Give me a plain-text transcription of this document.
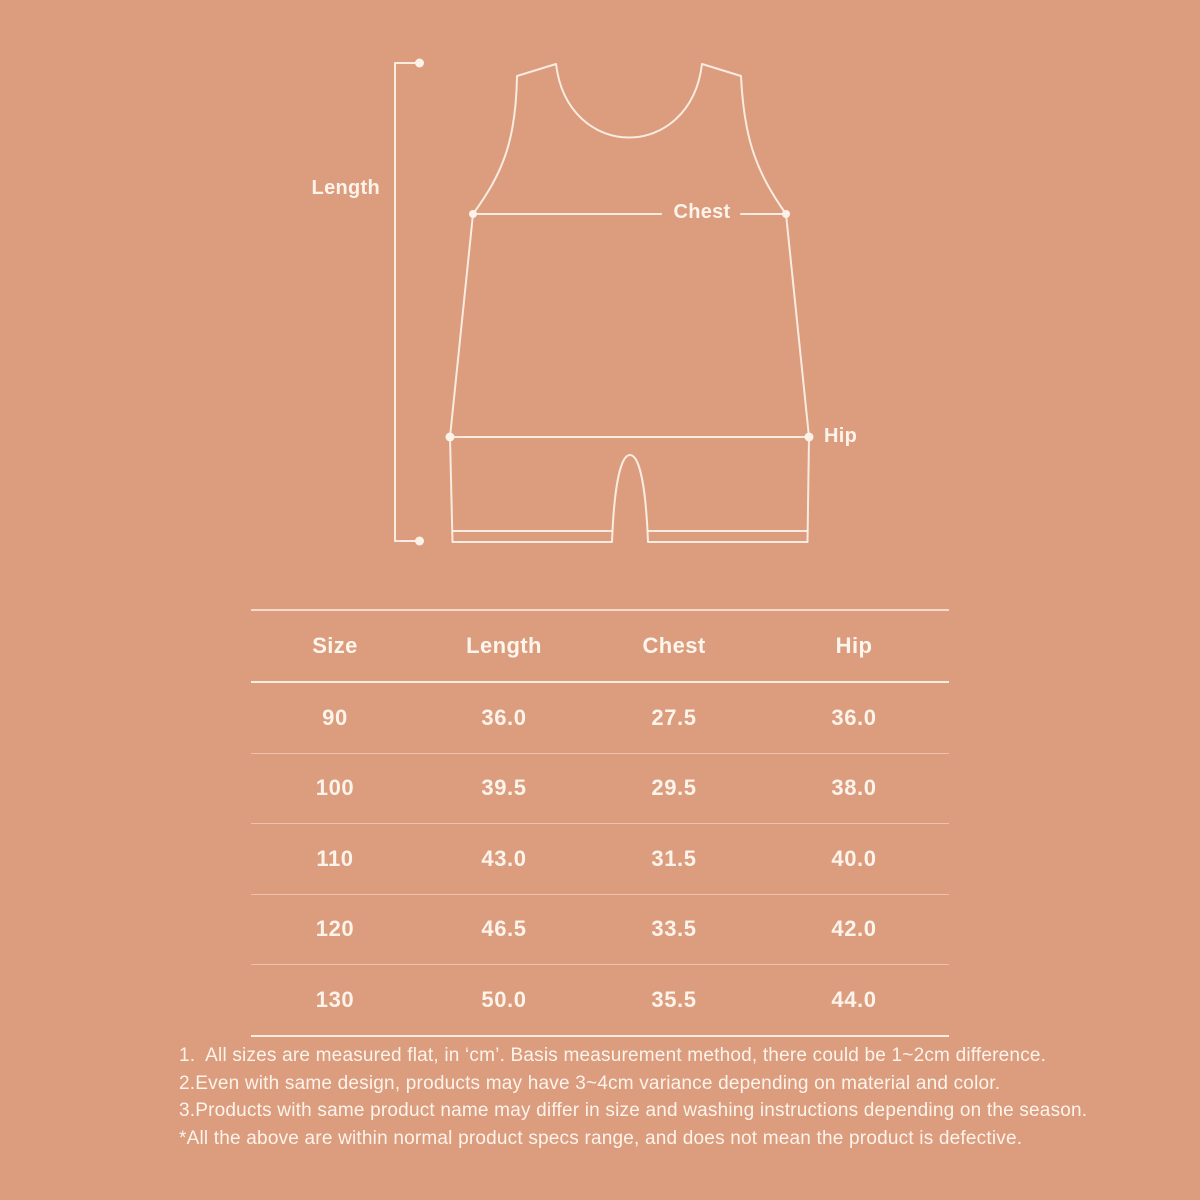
Length
Chest
Hip
Size	Length	Chest	Hip
90	36.0	27.5	36.0
100	39.5	29.5	38.0
110	43.0	31.5	40.0
120	46.5	33.5	42.0
130	50.0	35.5	44.0
1.  All sizes are measured flat, in ‘cm’. Basis measurement method, there could be 1~2cm difference.
2.Even with same design, products may have 3~4cm variance depending on material and color.
3.Products with same product name may differ in size and washing instructions depending on the season.
*All the above are within normal product specs range, and does not mean the product is defective.
